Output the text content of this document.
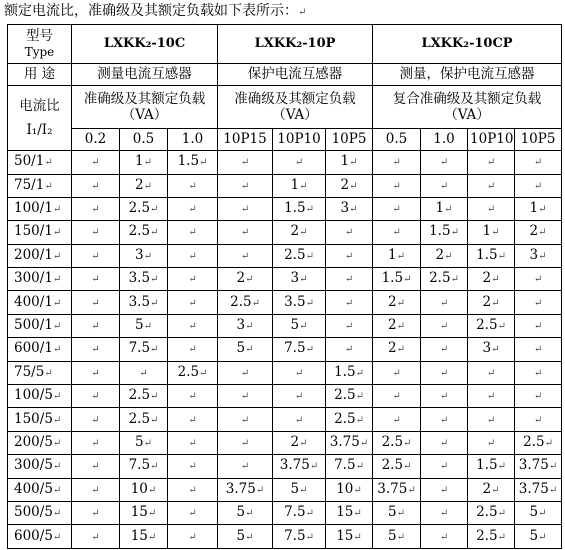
额定电流比，准确级及其额定负载如下表所示：↵
型号
Type	LXKK₂-10C			LXKK₂-10P			LXKK₂-10CP			
用 途	测量电流互感器			保护电流互感器			测量，保护电流互感器			

电流比
I₁/I₂	准确级及其额定负载（VA）			准确级及其额定负载（VA）			复合准确级及其额定负载（VA）			
	0.2	0.5	1.0	10P15	10P10	10P5	0.5	1.0	10P10	10P5
50/1↵	↵	1↵	1.5↵	↵	↵	1↵	↵	↵	↵	↵
75/1↵	↵	2↵	↵	↵	1↵	2↵	↵	↵	↵	↵
100/1↵	↵	2.5↵	↵	↵	1.5↵	3↵	↵	1↵	↵	1↵
150/1↵	↵	2.5↵	↵	↵	2↵	↵	↵	1.5↵	1↵	2↵
200/1↵	↵	3↵	↵	↵	2.5↵	↵	1↵	2↵	1.5↵	3↵
300/1↵	↵	3.5↵	↵	2↵	3↵	↵	1.5↵	2.5↵	2↵	↵
400/1↵	↵	3.5↵	↵	2.5↵	3.5↵	↵	2↵	↵	2↵	↵
500/1↵	↵	5↵	↵	3↵	5↵	↵	2↵	↵	2.5↵	↵
600/1↵	↵	7.5↵	↵	5↵	7.5↵	↵	2↵	↵	3↵	↵
75/5↵	↵	↵	2.5↵	↵	↵	1.5↵	↵	↵	↵	↵
100/5↵	↵	2.5↵	↵	↵	↵	2.5↵	↵	↵	↵	↵
150/5↵	↵	2.5↵	↵	↵	↵	2.5↵	↵	↵	↵	↵
200/5↵	↵	5↵	↵	↵	2↵	3.75↵	2.5↵	↵	↵	2.5↵
300/5↵	↵	7.5↵	↵	↵	3.75↵	7.5↵	2.5↵	↵	1.5↵	3.75↵
400/5↵	↵	10↵	↵	3.75↵	5↵	10↵	3.75↵	↵	2↵	3.75↵
500/5↵	↵	15↵	↵	5↵	7.5↵	15↵	5↵	↵	2.5↵	5↵
600/5↵	↵	15↵	↵	5↵	7.5↵	15↵	5↵	↵	2.5↵	5↵
